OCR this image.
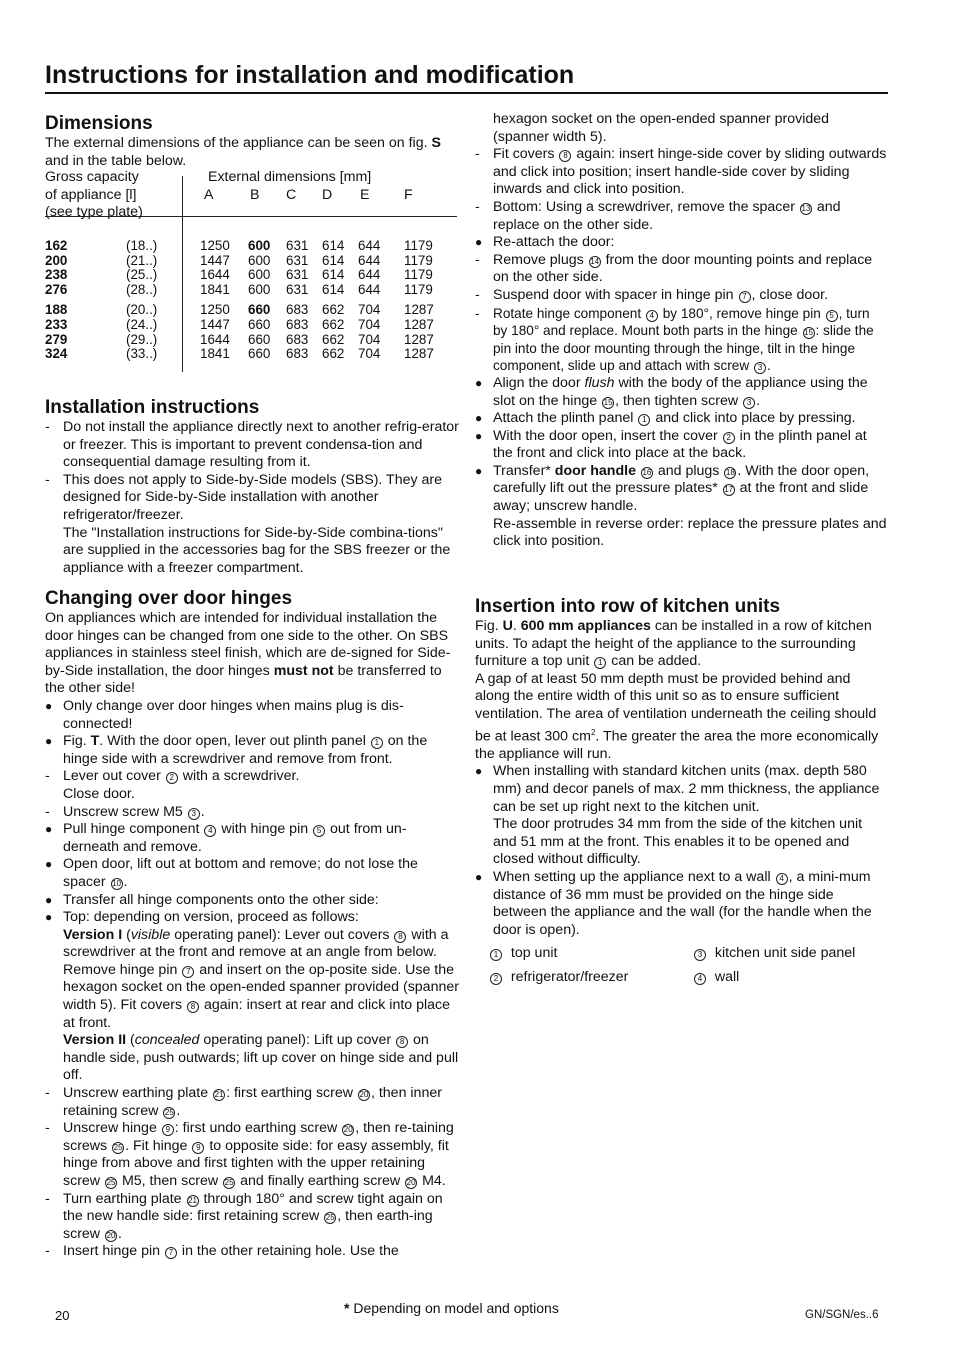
Instructions for installation and modification
Dimensions

The external dimensions of the appliance can be seen on fig. S and in the table below.

Gross capacity
of appliance [l]
(see type plate)
External dimensions [mm]
A	B C D E F
162	(18..)	1250 600 631 614 644 1179
200	(21..)	1447 600 631 614 644 1179
238	(25..)	1644 600 631 614 644 1179
276	(28..)	1841 600 631 614 644 1179
188	(20..)	1250 660 683 662 704 1287
233	(24..)	1447 660 683 662 704 1287
279	(29..)	1644 660 683 662 704 1287
324	(33..)	1841 660 683 662 704 1287
Installation instructions
-
Do not install the appliance directly next to another refrig-erator or freezer. This is important to prevent condensa-tion and consequential damage resulting from it.
-
This does not apply to Side-by-Side models (SBS). They are designed for Side-by-Side installation with another refrigerator/freezer.
The "Installation instructions for Side-by-Side combina-tions" are supplied in the accessories bag for the SBS freezer or the appliance with a freezer compartment.
Changing over door hinges

On appliances which are intended for individual installation the door hinges can be changed from one side to the other. On SBS appliances in stainless steel finish, which are de-signed for Side-by-Side installation, the door hinges must not be transferred to the other side!

●
Only change over door hinges when mains plug is dis-connected!
●
Fig. T. With the door open, lever out plinth panel 1 on the hinge side with a screwdriver and remove from front.
-
Lever out cover 2 with a screwdriver.
Close door.
-
Unscrew screw M5 3 .
●
Pull hinge component 4 with hinge pin 5 out from un-derneath and remove.
●
Open door, lift out at bottom and remove; do not lose the spacer 10 .
●
Transfer all hinge components onto the other side:
●
Top: depending on version, proceed as follows:
Version I (visible operating panel): Lever out covers 8 with a screwdriver at the front and remove at an angle from below. Remove hinge pin 7 and insert on the op-posite side. Use the hexagon socket on the open-ended spanner provided (spanner width 5). Fit covers 8 again: insert at rear and click into place at front.
Version II (concealed operating panel): Lift up cover 8 on handle side, push outwards; lift up cover on hinge side and pull off.
-
Unscrew earthing plate 21 : first earthing screw 20 , then inner retaining screw 25 .
-
Unscrew hinge 9 : first undo earthing screw 20 , then re-taining screws 25 . Fit hinge 9 to opposite side: for easy assembly, fit hinge from above and first tighten with the upper retaining screw 25 M5, then screw 25 and finally earthing screw 20 M4.
-
Turn earthing plate 21 through 180° and screw tight again on the new handle side: first retaining screw 25 , then earth-ing screw 20 .
-
Insert hinge pin 7 in the other retaining hole. Use the
hexagon socket on the open-ended spanner provided (spanner width 5).
-
Fit covers 8 again: insert hinge-side cover by sliding outwards and click into position; insert handle-side cover by sliding inwards and click into position.
-
Bottom: Using a screwdriver, remove the spacer 13 and replace on the other side.
●
Re-attach the door:
-
Remove plugs 14 from the door mounting points and replace on the other side.
-
Suspend door with spacer in hinge pin 7 , close door.
-
Rotate hinge component 4 by 180°, remove hinge pin 5 , turn by 180° and replace. Mount both parts in the hinge 15 : slide the pin into the door mounting through the hinge, tilt in the hinge component, slide up and attach with screw 3 .
●
Align the door flush with the body of the appliance using the slot on the hinge 15 , then tighten screw 3 .
●
Attach the plinth panel 1 and click into place by pressing.
●
With the door open, insert the cover 2 in the plinth panel at the front and click into place at the back.
●
Transfer* door handle 16 and plugs 18 . With the door open, carefully lift out the pressure plates* 17 at the front and slide away; unscrew handle.
Re-assemble in reverse order: replace the pressure plates and click into position.
Insertion into row of kitchen units

Fig. U. 600 mm appliances can be installed in a row of kitchen units. To adapt the height of the appliance to the surrounding furniture a top unit 1 can be added.

A gap of at least 50 mm depth must be provided behind and along the entire width of this unit so as to ensure sufficient ventilation. The area of ventilation underneath the ceiling should be at least 300 $cm^2$. The greater the area the more economically the appliance will run.

●
When installing with standard kitchen units (max. depth 580 mm) and decor panels of max. 2 mm thickness, the appliance can be set up right next to the kitchen unit.
The door protrudes 34 mm from the side of the kitchen unit and 51 mm at the front. This enables it to be opened and closed without difficulty.
●
When setting up the appliance next to a wall 4 , a mini-mum distance of 36 mm must be provided on the hinge side between the appliance and the wall (for the handle when the door is open).
1 top unit	3 kitchen unit side panel
2 refrigerator/freezer	4 wall
20	* Depending on model and options	GN/SGN/es..6
